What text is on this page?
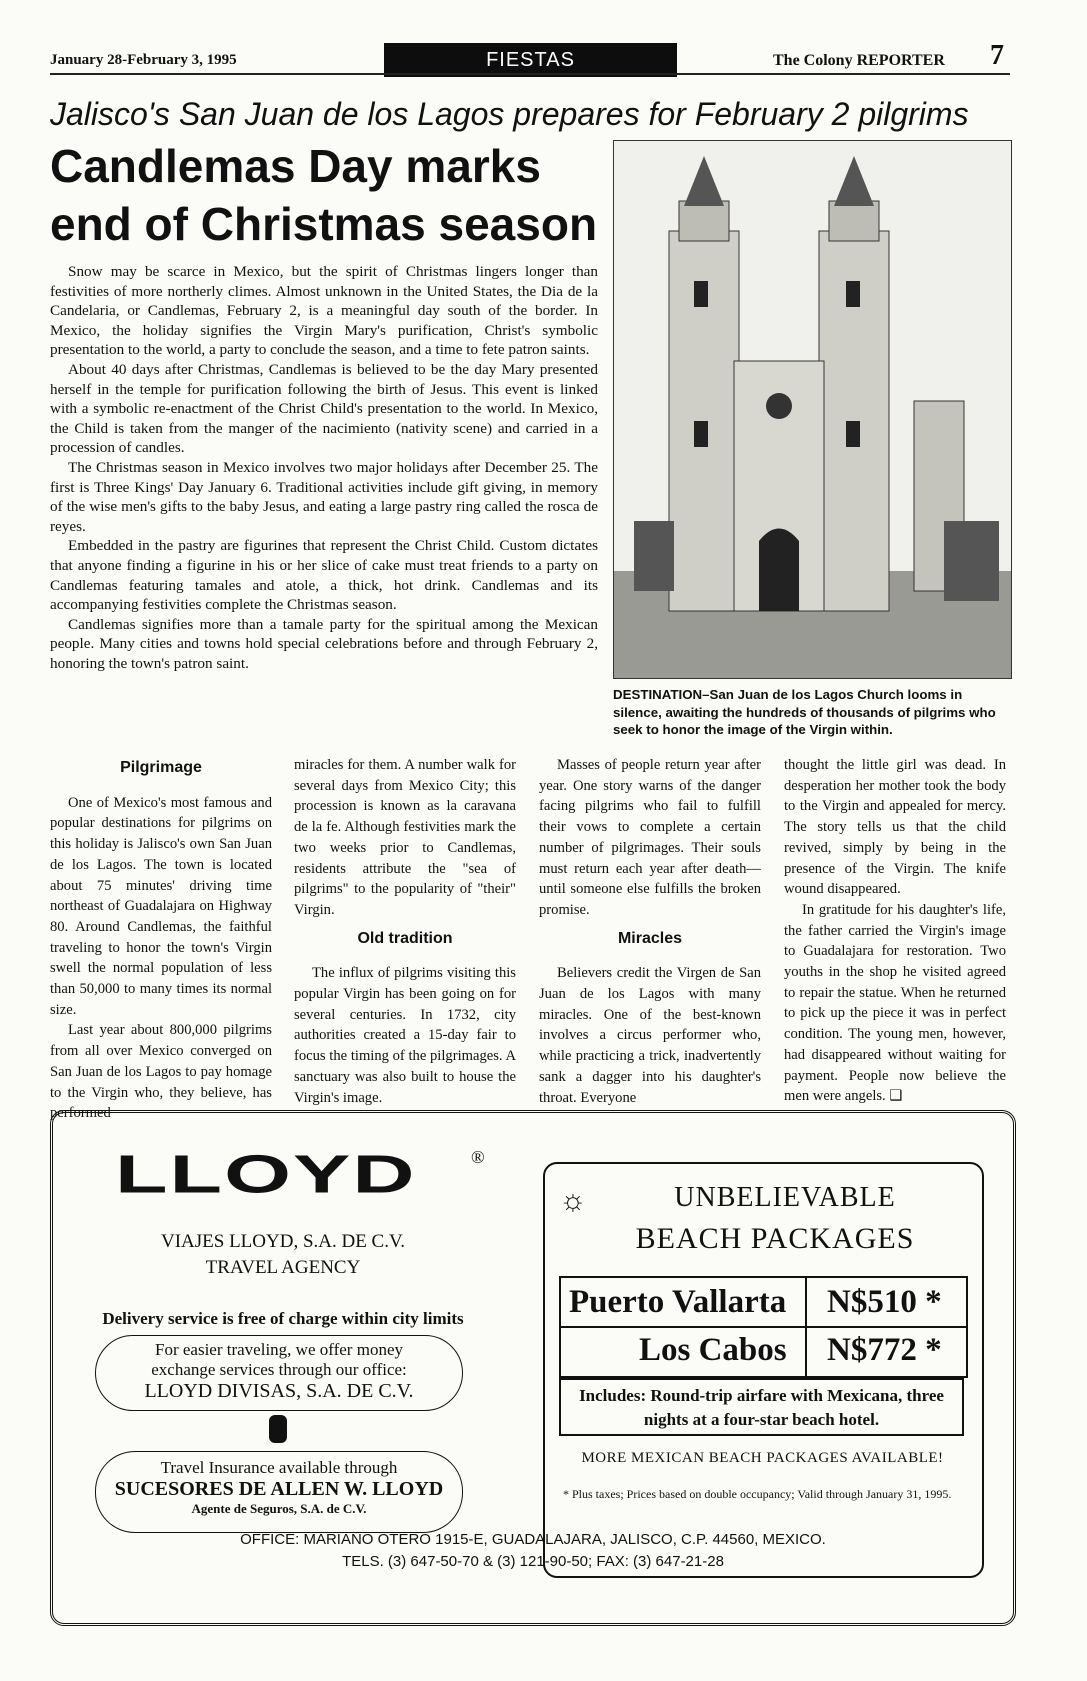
January 28-February 3, 1995	FIESTAS	The Colony REPORTER 7
Jalisco's San Juan de los Lagos prepares for February 2 pilgrims
Candlemas Day marks end of Christmas season

Snow may be scarce in Mexico, but the spirit of Christmas lingers longer than festivities of more northerly climes. Almost unknown in the United States, the Dia de la Candelaria, or Candlemas, February 2, is a meaningful day south of the border. In Mexico, the holiday signifies the Virgin Mary's purification, Christ's symbolic presentation to the world, a party to conclude the season, and a time to fete patron saints.

About 40 days after Christmas, Candlemas is believed to be the day Mary presented herself in the temple for purification following the birth of Jesus. This event is linked with a symbolic re-enactment of the Christ Child's presentation to the world. In Mexico, the Child is taken from the manger of the nacimiento (nativity scene) and carried in a procession of candles.

The Christmas season in Mexico involves two major holidays after December 25. The first is Three Kings' Day January 6. Traditional activities include gift giving, in memory of the wise men's gifts to the baby Jesus, and eating a large pastry ring called the rosca de reyes.

Embedded in the pastry are figurines that represent the Christ Child. Custom dictates that anyone finding a figurine in his or her slice of cake must treat friends to a party on Candlemas featuring tamales and atole, a thick, hot drink. Candlemas and its accompanying festivities complete the Christmas season.

Candlemas signifies more than a tamale party for the spiritual among the Mexican people. Many cities and towns hold special celebrations before and through February 2, honoring the town's patron saint.

DESTINATION–San Juan de los Lagos Church looms in silence, awaiting the hundreds of thousands of pilgrims who seek to honor the image of the Virgin within.
Pilgrimage

One of Mexico's most famous and popular destinations for pilgrims on this holiday is Jalisco's own San Juan de los Lagos. The town is located about 75 minutes' driving time northeast of Guadalajara on Highway 80. Around Candlemas, the faithful traveling to honor the town's Virgin swell the normal population of less than 50,000 to many times its normal size.

Last year about 800,000 pilgrims from all over Mexico converged on San Juan de los Lagos to pay homage to the Virgin who, they believe, has performed

miracles for them. A number walk for several days from Mexico City; this procession is known as la caravana de la fe. Although festivities mark the two weeks prior to Candlemas, residents attribute the "sea of pilgrims" to the popularity of "their" Virgin.

Old tradition

The influx of pilgrims visiting this popular Virgin has been going on for several centuries. In 1732, city authorities created a 15-day fair to focus the timing of the pilgrimages. A sanctuary was also built to house the Virgin's image.

Masses of people return year after year. One story warns of the danger facing pilgrims who fail to fulfill their vows to complete a certain number of pilgrimages. Their souls must return each year after death—until someone else fulfills the broken promise.

Miracles

Believers credit the Virgen de San Juan de los Lagos with many miracles. One of the best-known involves a circus performer who, while practicing a trick, inadvertently sank a dagger into his daughter's throat. Everyone

thought the little girl was dead. In desperation her mother took the body to the Virgin and appealed for mercy. The story tells us that the child revived, simply by being in the presence of the Virgin. The knife wound disappeared.

In gratitude for his daughter's life, the father carried the Virgin's image to Guadalajara for restoration. Two youths in the shop he visited agreed to repair the statue. When he returned to pick up the piece it was in perfect condition. The young men, however, had disappeared without waiting for payment. People now believe the men were angels. ❑

LLOYD	®
VIAJES LLOYD, S.A. DE C.V.
TRAVEL AGENCY
Delivery service is free of charge within city limits
For easier traveling, we offer money
exchange services through our office:
LLOYD DIVISAS, S.A. DE C.V.
Travel Insurance available through
SUCESORES DE ALLEN W. LLOYD
Agente de Seguros, S.A. de C.V.
OFFICE: MARIANO OTERO 1915-E, GUADALAJARA, JALISCO, C.P. 44560, MEXICO.
TELS. (3) 647-50-70 & (3) 121-90-50; FAX: (3) 647-21-28
☼	UNBELIEVABLE
BEACH PACKAGES
Puerto Vallarta N$510 *
Los Cabos N$772 *
Includes: Round-trip airfare with Mexicana, three nights at a four-star beach hotel.
MORE MEXICAN BEACH PACKAGES AVAILABLE!
* Plus taxes; Prices based on double occupancy; Valid through January 31, 1995.
